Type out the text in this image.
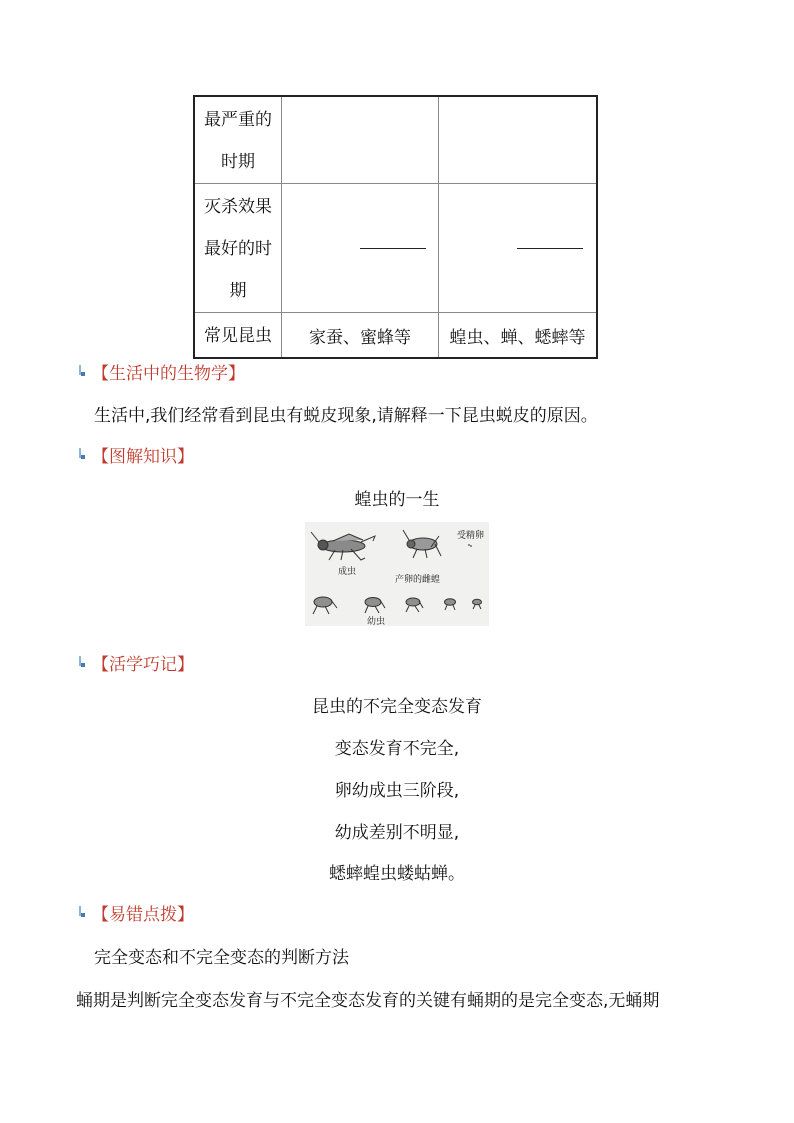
最严重的
时期		

灭杀效果
最好的时
期		

常见昆虫	家蚕、蜜蜂等	蝗虫、蝉、蟋蟀等
【生活中的生物学】
生活中,我们经常看到昆虫有蜕皮现象,请解释一下昆虫蜕皮的原因。
【图解知识】
蝗虫的一生
受精卵
成虫
产卵的雌蝗
幼虫
【活学巧记】
昆虫的不完全变态发育
变态发育不完全,
卵幼成虫三阶段,
幼成差别不明显,
蟋蟀蝗虫蝼蛄蝉。
【易错点拨】
完全变态和不完全变态的判断方法
蛹期是判断完全变态发育与不完全变态发育的关键有蛹期的是完全变态,无蛹期
